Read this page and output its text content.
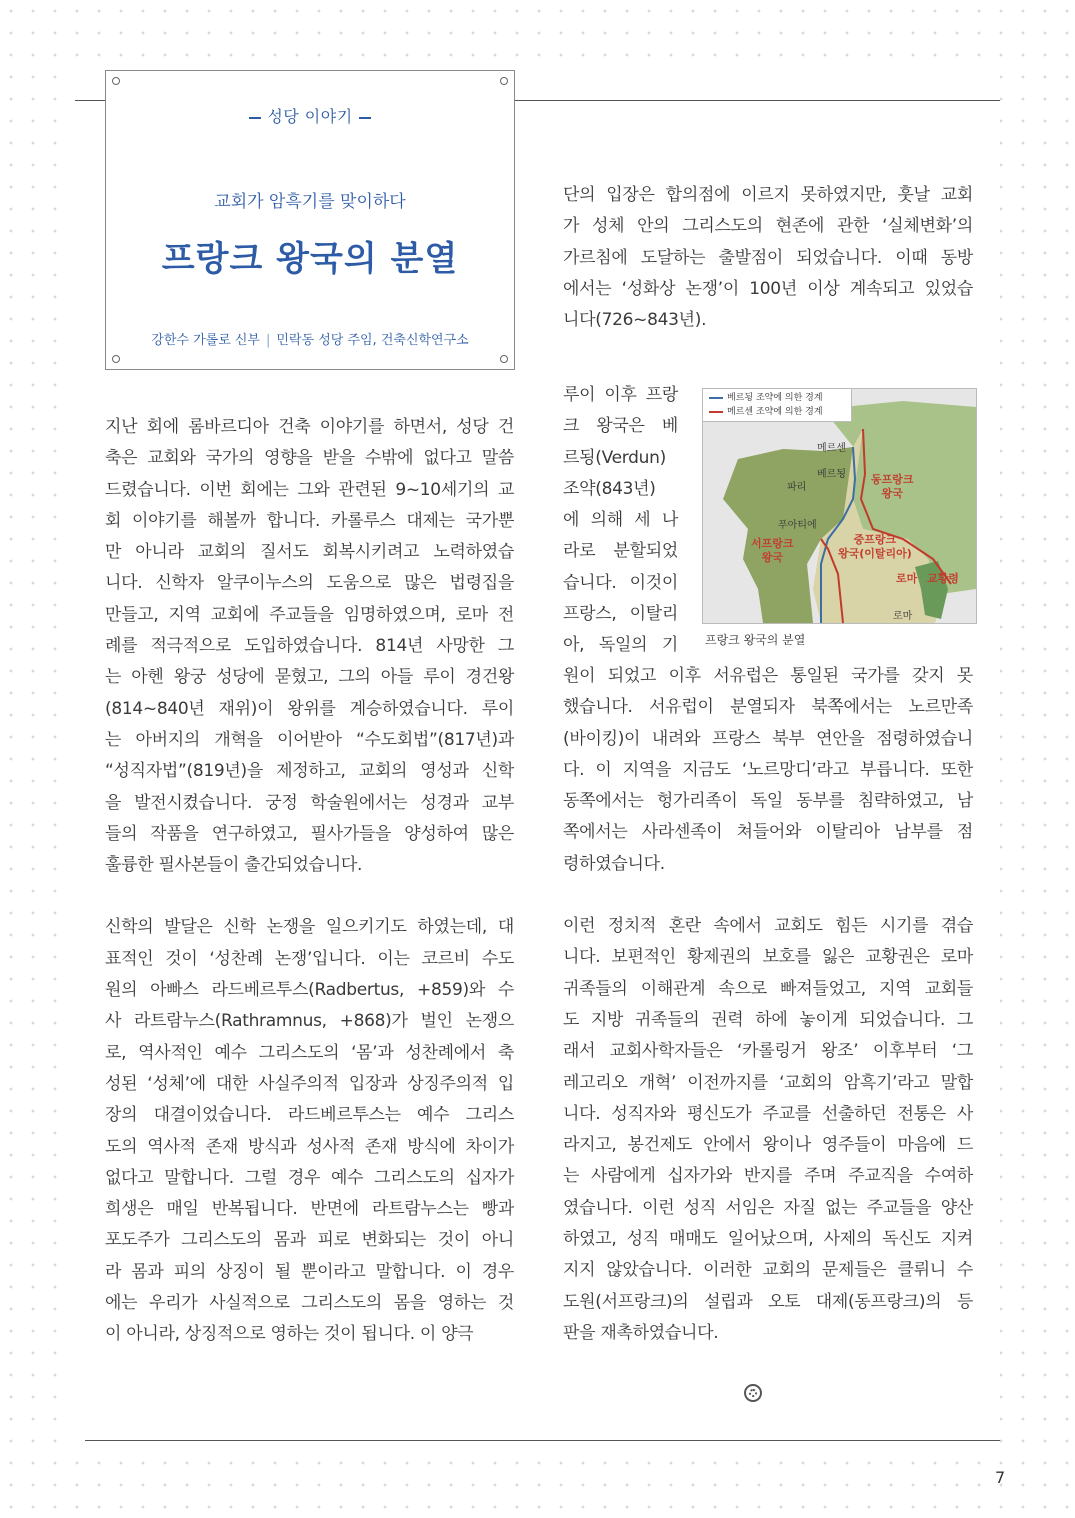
성당 이야기
교회가 암흑기를 맞이하다
프랑크 왕국의 분열
강한수 가롤로 신부 | 민락동 성당 주임, 건축신학연구소
지난 회에 롬바르디아 건축 이야기를 하면서, 성당 건
축은 교회와 국가의 영향을 받을 수밖에 없다고 말씀
드렸습니다. 이번 회에는 그와 관련된 9~10세기의 교
회 이야기를 해볼까 합니다. 카롤루스 대제는 국가뿐
만 아니라 교회의 질서도 회복시키려고 노력하였습
니다. 신학자 알쿠이누스의 도움으로 많은 법령집을
만들고, 지역 교회에 주교들을 임명하였으며, 로마 전
례를 적극적으로 도입하였습니다. 814년 사망한 그
는 아헨 왕궁 성당에 묻혔고, 그의 아들 루이 경건왕
(814~840년 재위)이 왕위를 계승하였습니다. 루이
는 아버지의 개혁을 이어받아 “수도회법”(817년)과
“성직자법”(819년)을 제정하고, 교회의 영성과 신학
을 발전시켰습니다. 궁정 학술원에서는 성경과 교부
들의 작품을 연구하였고, 필사가들을 양성하여 많은
훌륭한 필사본들이 출간되었습니다.
신학의 발달은 신학 논쟁을 일으키기도 하였는데, 대
표적인 것이 ‘성찬례 논쟁’입니다. 이는 코르비 수도
원의 아빠스 라드베르투스(Radbertus, +859)와 수
사 라트람누스(Rathramnus, +868)가 벌인 논쟁으
로, 역사적인 예수 그리스도의 ‘몸’과 성찬례에서 축
성된 ‘성체’에 대한 사실주의적 입장과 상징주의적 입
장의 대결이었습니다. 라드베르투스는 예수 그리스
도의 역사적 존재 방식과 성사적 존재 방식에 차이가
없다고 말합니다. 그럴 경우 예수 그리스도의 십자가
희생은 매일 반복됩니다. 반면에 라트람누스는 빵과
포도주가 그리스도의 몸과 피로 변화되는 것이 아니
라 몸과 피의 상징이 될 뿐이라고 말합니다. 이 경우
에는 우리가 사실적으로 그리스도의 몸을 영하는 것
이 아니라, 상징적으로 영하는 것이 됩니다. 이 양극
단의 입장은 합의점에 이르지 못하였지만, 훗날 교회
가 성체 안의 그리스도의 현존에 관한 ‘실체변화’의
가르침에 도달하는 출발점이 되었습니다. 이때 동방
에서는 ‘성화상 논쟁’이 100년 이상 계속되고 있었습
니다(726~843년).
루이 이후 프랑
크 왕국은 베
르됭(Verdun)
조약(843년)
에 의해 세 나
라로 분할되었
습니다. 이것이
프랑스, 이탈리
아, 독일의 기
원이 되었고 이후 서유럽은 통일된 국가를 갖지 못
했습니다. 서유럽이 분열되자 북쪽에서는 노르만족
(바이킹)이 내려와 프랑스 북부 연안을 점령하였습니
다. 이 지역을 지금도 ‘노르망디’라고 부릅니다. 또한
동쪽에서는 헝가리족이 독일 동부를 침략하였고, 남
쪽에서는 사라센족이 쳐들어와 이탈리아 남부를 점
령하였습니다.
이런 정치적 혼란 속에서 교회도 힘든 시기를 겪습
니다. 보편적인 황제권의 보호를 잃은 교황권은 로마
귀족들의 이해관계 속으로 빠져들었고, 지역 교회들
도 지방 귀족들의 권력 하에 놓이게 되었습니다. 그
래서 교회사학자들은 ‘카롤링거 왕조’ 이후부터 ‘그
레고리오 개혁’ 이전까지를 ‘교회의 암흑기’라고 말합
니다. 성직자와 평신도가 주교를 선출하던 전통은 사
라지고, 봉건제도 안에서 왕이나 영주들이 마음에 드
는 사람에게 십자가와 반지를 주며 주교직을 수여하
였습니다. 이런 성직 서임은 자질 없는 주교들을 양산
하였고, 성직 매매도 일어났으며, 사제의 독신도 지켜
지지 않았습니다. 이러한 교회의 문제들은 클뤼니 수
도원(서프랑크)의 설립과 오토 대제(동프랑크)의 등
판을 재촉하였습니다.
베르됭 조약에 의한 경계
메르센 조약에 의한 경계
메르센
베르됭
파리
푸아티에
동프랑크
왕국
서프랑크
왕국
중프랑크
왕국(이탈리아)
로마 교황령
로마
프랑크 왕국의 분열
7
